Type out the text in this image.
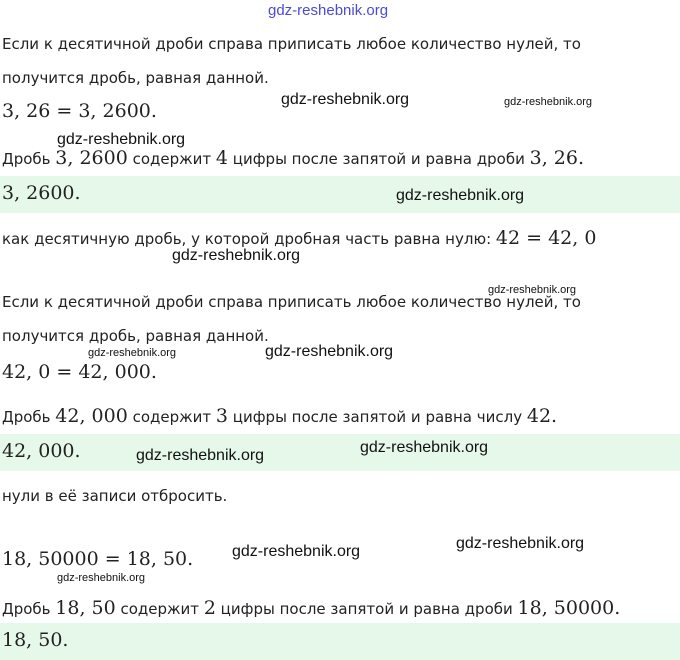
gdz-reshebnik.org

Если к десятичной дроби справа приписать любое количество нулей, то

получится дробь, равная данной.

3, 26 = 3, 2600.

Дробь 3, 2600 содержит 4 цифры после запятой и равна дроби 3, 26.

3, 2600.

как десятичную дробь, у которой дробная часть равна нулю: 42 = 42, 0

Если к десятичной дроби справа приписать любое количество нулей, то

получится дробь, равная данной.

42, 0 = 42, 000.

Дробь 42, 000 содержит 3 цифры после запятой и равна числу 42.

42, 000.

нули в её записи отбросить.

18, 50000 = 18, 50.

Дробь 18, 50 содержит 2 цифры после запятой и равна дроби 18, 50000.

18, 50.
gdz-reshebnik.org	gdz-reshebnik.org
gdz-reshebnik.org
gdz-reshebnik.org
gdz-reshebnik.org
gdz-reshebnik.org
gdz-reshebnik.org	gdz-reshebnik.org
gdz-reshebnik.org
gdz-reshebnik.org
gdz-reshebnik.org
gdz-reshebnik.org
gdz-reshebnik.org
